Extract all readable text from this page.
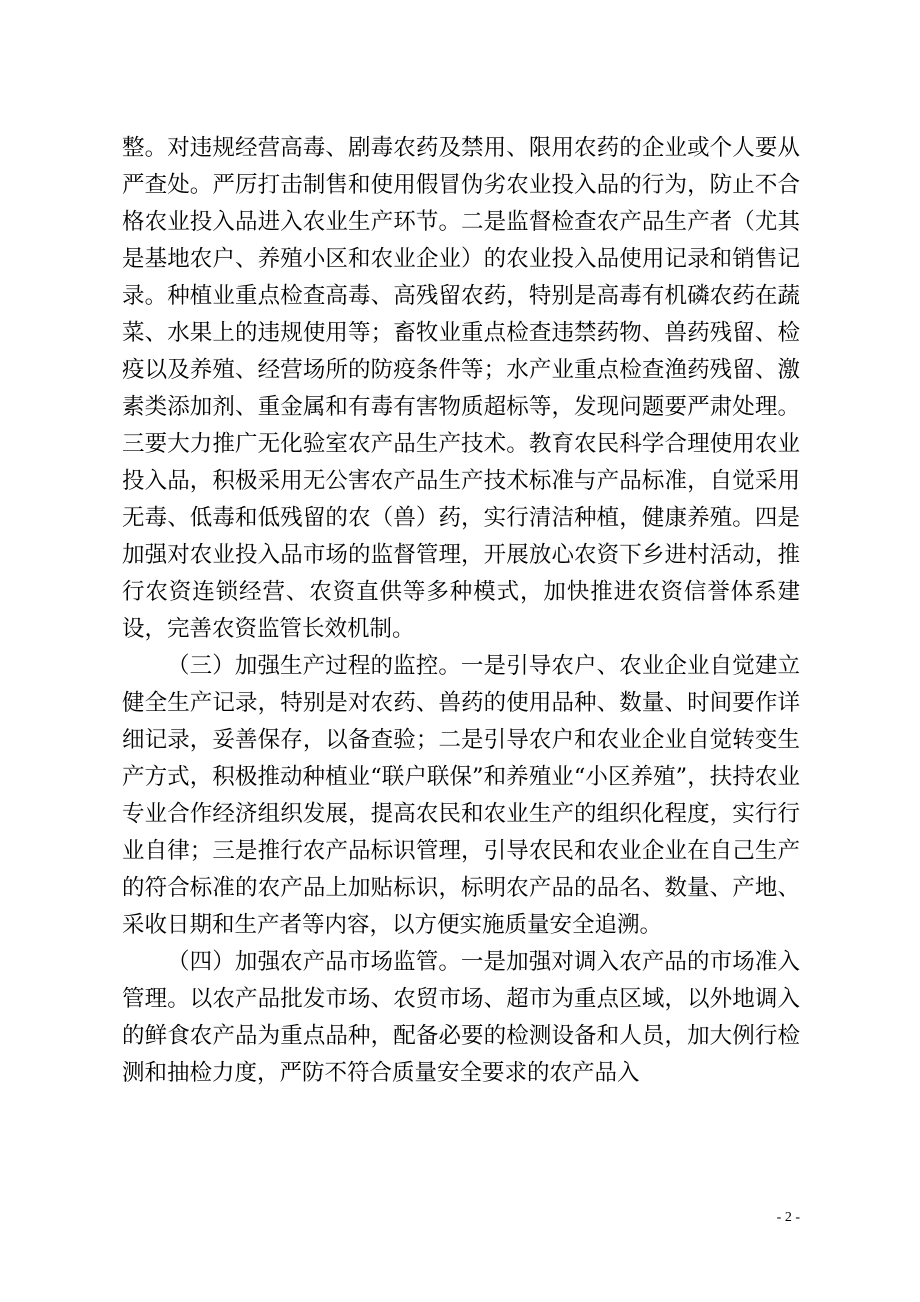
整。对违规经营高毒、剧毒农药及禁用、限用农药的企业或个人要从严查处。严厉打击制售和使用假冒伪劣农业投入品的行为，防止不合格农业投入品进入农业生产环节。二是监督检查农产品生产者（尤其是基地农户、养殖小区和农业企业）的农业投入品使用记录和销售记录。种植业重点检查高毒、高残留农药，特别是高毒有机磷农药在蔬菜、水果上的违规使用等；畜牧业重点检查违禁药物、兽药残留、检疫以及养殖、经营场所的防疫条件等；水产业重点检查渔药残留、激素类添加剂、重金属和有毒有害物质超标等，发现问题要严肃处理。三要大力推广无化验室农产品生产技术。教育农民科学合理使用农业投入品，积极采用无公害农产品生产技术标准与产品标准，自觉采用无毒、低毒和低残留的农（兽）药，实行清洁种植，健康养殖。四是加强对农业投入品市场的监督管理，开展放心农资下乡进村活动，推行农资连锁经营、农资直供等多种模式，加快推进农资信誉体系建设，完善农资监管长效机制。

（三）加强生产过程的监控。一是引导农户、农业企业自觉建立健全生产记录，特别是对农药、兽药的使用品种、数量、时间要作详细记录，妥善保存，以备查验；二是引导农户和农业企业自觉转变生产方式，积极推动种植业“联户联保”和养殖业“小区养殖”，扶持农业专业合作经济组织发展，提高农民和农业生产的组织化程度，实行行业自律；三是推行农产品标识管理，引导农民和农业企业在自己生产的符合标准的农产品上加贴标识，标明农产品的品名、数量、产地、采收日期和生产者等内容，以方便实施质量安全追溯。

（四）加强农产品市场监管。一是加强对调入农产品的市场准入管理。以农产品批发市场、农贸市场、超市为重点区域，以外地调入的鲜食农产品为重点品种，配备必要的检测设备和人员，加大例行检测和抽检力度，严防不符合质量安全要求的农产品入

- 2 -
